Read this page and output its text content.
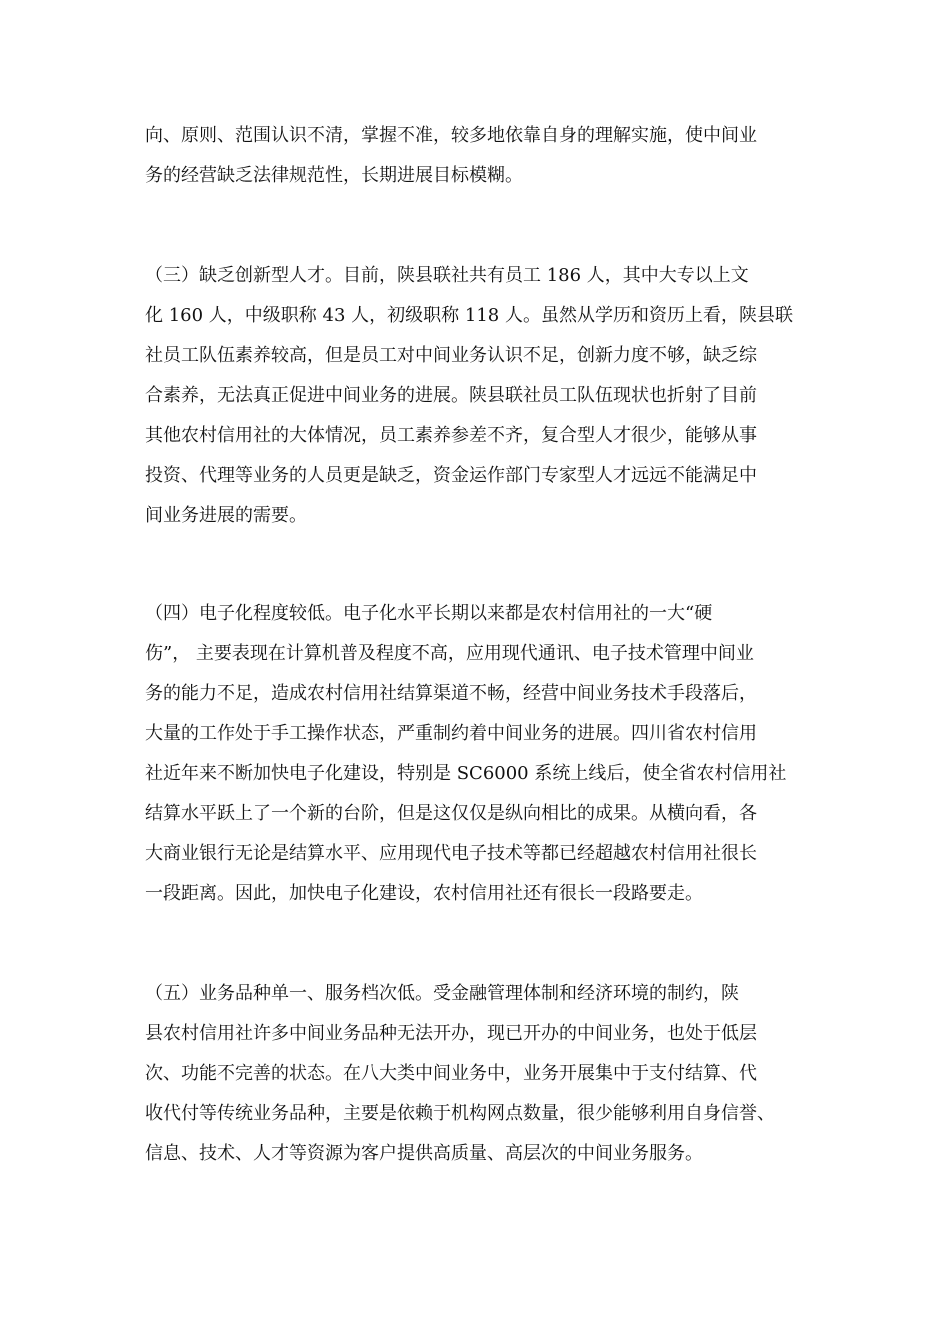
向、原则、范围认识不清，掌握不准，较多地依靠自身的理解实施，使中间业
务的经营缺乏法律规范性，长期进展目标模糊。
（三）缺乏创新型人才。目前，陕县联社共有员工 186 人，其中大专以上文
化 160 人，中级职称 43 人，初级职称 118 人。虽然从学历和资历上看，陕县联
社员工队伍素养较高，但是员工对中间业务认识不足，创新力度不够，缺乏综
合素养，无法真正促进中间业务的进展。陕县联社员工队伍现状也折射了目前
其他农村信用社的大体情况，员工素养参差不齐，复合型人才很少，能够从事
投资、代理等业务的人员更是缺乏，资金运作部门专家型人才远远不能满足中
间业务进展的需要。
（四）电子化程度较低。电子化水平长期以来都是农村信用社的一大“硬
伤”， 主要表现在计算机普及程度不高，应用现代通讯、电子技术管理中间业
务的能力不足，造成农村信用社结算渠道不畅，经营中间业务技术手段落后，
大量的工作处于手工操作状态，严重制约着中间业务的进展。四川省农村信用
社近年来不断加快电子化建设，特别是 SC6000 系统上线后，使全省农村信用社
结算水平跃上了一个新的台阶，但是这仅仅是纵向相比的成果。从横向看，各
大商业银行无论是结算水平、应用现代电子技术等都已经超越农村信用社很长
一段距离。因此，加快电子化建设，农村信用社还有很长一段路要走。
（五）业务品种单一、服务档次低。受金融管理体制和经济环境的制约，陕
县农村信用社许多中间业务品种无法开办，现已开办的中间业务，也处于低层
次、功能不完善的状态。在八大类中间业务中，业务开展集中于支付结算、代
收代付等传统业务品种，主要是依赖于机构网点数量，很少能够利用自身信誉、
信息、技术、人才等资源为客户提供高质量、高层次的中间业务服务。
